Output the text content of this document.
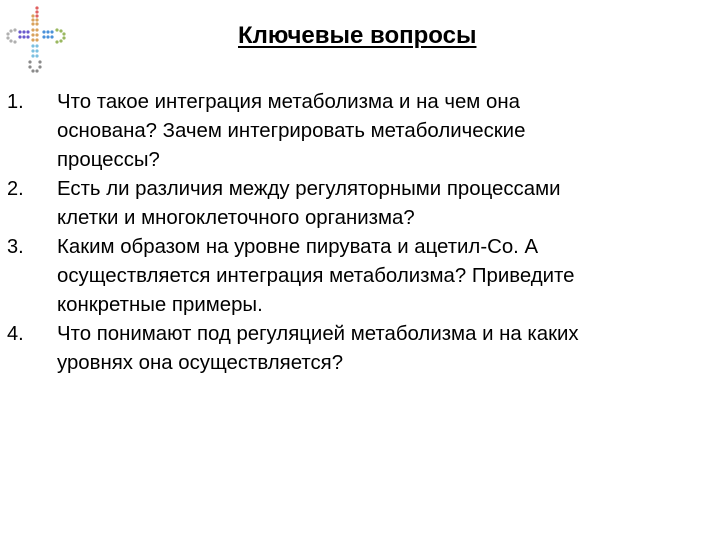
Ключевые вопросы
1. Что такое интеграция метаболизма и на чем она
основана? Зачем интегрировать метаболические
процессы?
2. Есть ли различия между регуляторными процессами
клетки и многоклеточного организма?
3. Каким образом на уровне пирувата и ацетил-Со. А
осуществляется интеграция метаболизма? Приведите
конкретные примеры.
4. Что понимают под регуляцией метаболизма и на каких
уровнях она осуществляется?
